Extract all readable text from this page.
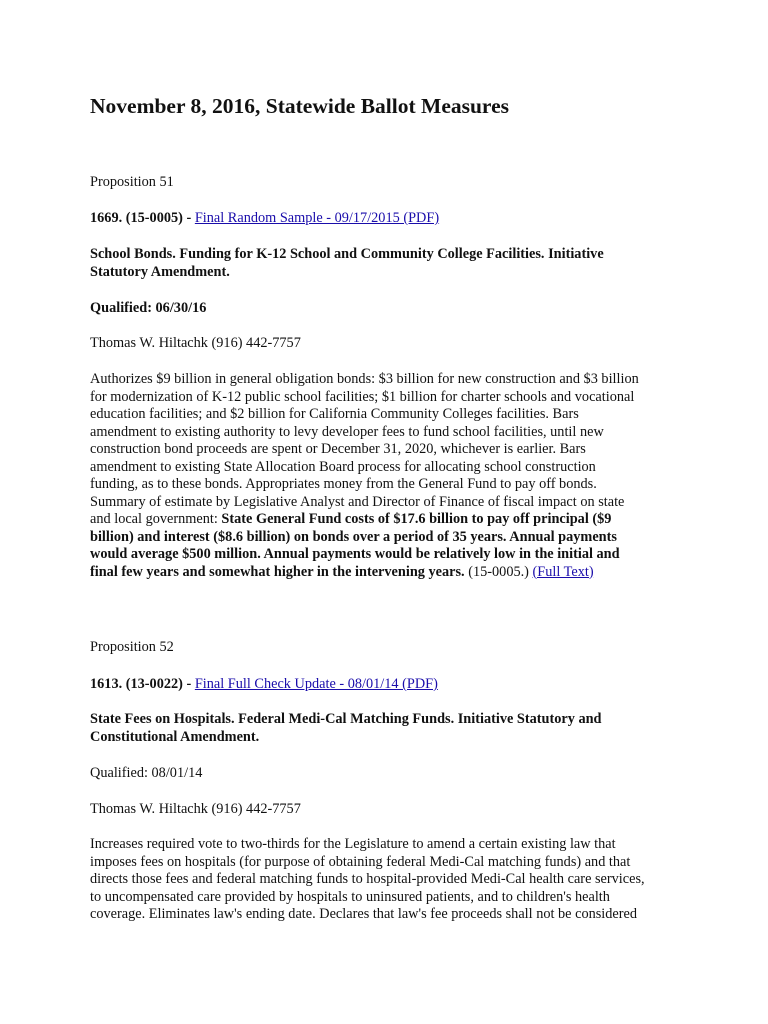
November 8, 2016, Statewide Ballot Measures
Proposition 51
1669. (15-0005) - Final Random Sample - 09/17/2015 (PDF)
School Bonds. Funding for K-12 School and Community College Facilities. Initiative
Statutory Amendment.
Qualified: 06/30/16
Thomas W. Hiltachk (916) 442-7757
Authorizes $9 billion in general obligation bonds: $3 billion for new construction and $3 billion
for modernization of K-12 public school facilities; $1 billion for charter schools and vocational
education facilities; and $2 billion for California Community Colleges facilities. Bars
amendment to existing authority to levy developer fees to fund school facilities, until new
construction bond proceeds are spent or December 31, 2020, whichever is earlier. Bars
amendment to existing State Allocation Board process for allocating school construction
funding, as to these bonds. Appropriates money from the General Fund to pay off bonds.
Summary of estimate by Legislative Analyst and Director of Finance of fiscal impact on state
and local government: State General Fund costs of $17.6 billion to pay off principal ($9
billion) and interest ($8.6 billion) on bonds over a period of 35 years. Annual payments
would average $500 million. Annual payments would be relatively low in the initial and
final few years and somewhat higher in the intervening years. (15-0005.) (Full Text)
Proposition 52
1613. (13-0022) - Final Full Check Update - 08/01/14 (PDF)
State Fees on Hospitals. Federal Medi-Cal Matching Funds. Initiative Statutory and
Constitutional Amendment.
Qualified: 08/01/14
Thomas W. Hiltachk (916) 442-7757
Increases required vote to two-thirds for the Legislature to amend a certain existing law that
imposes fees on hospitals (for purpose of obtaining federal Medi-Cal matching funds) and that
directs those fees and federal matching funds to hospital-provided Medi-Cal health care services,
to uncompensated care provided by hospitals to uninsured patients, and to children's health
coverage. Eliminates law's ending date. Declares that law's fee proceeds shall not be considered
